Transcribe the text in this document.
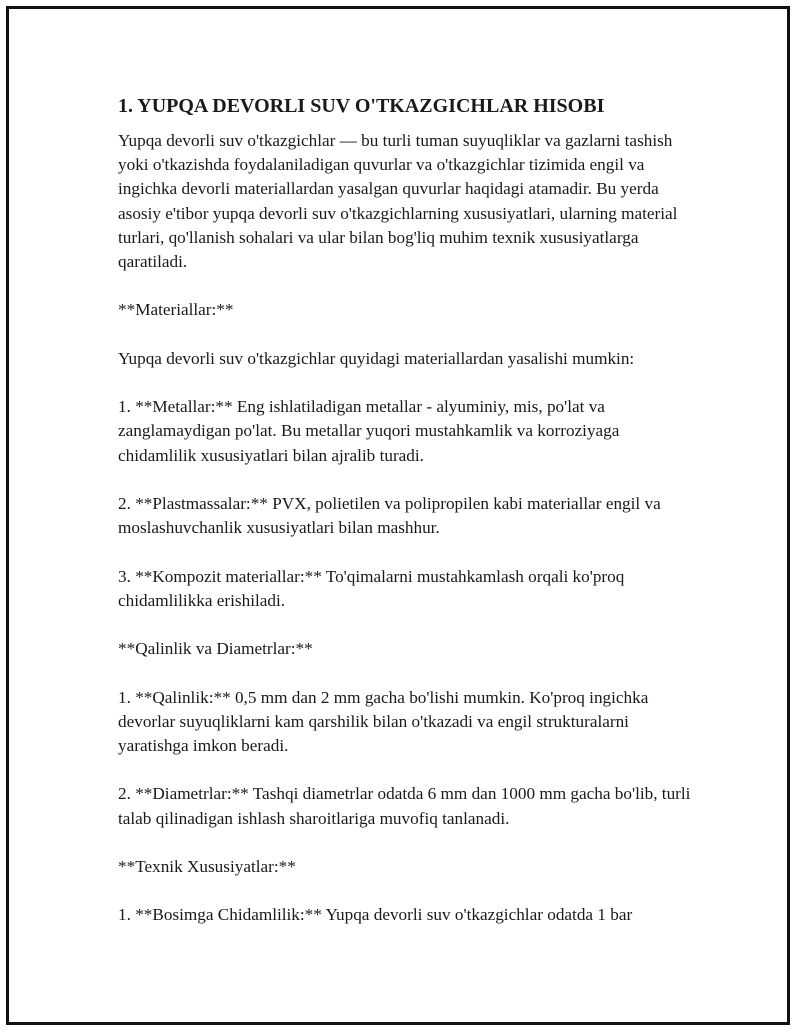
1. YUPQA DEVORLI SUV O'TKAZGICHLAR HISOBI

Yupqa devorli suv o'tkazgichlar — bu turli tuman suyuqliklar va gazlarni tashish yoki o'tkazishda foydalaniladigan quvurlar va o'tkazgichlar tizimida engil va ingichka devorli materiallardan yasalgan quvurlar haqidagi atamadir. Bu yerda asosiy e'tibor yupqa devorli suv o'tkazgichlarning xususiyatlari, ularning material turlari, qo'llanish sohalari va ular bilan bog'liq muhim texnik xususiyatlarga qaratiladi.

**Materiallar:**

Yupqa devorli suv o'tkazgichlar quyidagi materiallardan yasalishi mumkin:

1. **Metallar:** Eng ishlatiladigan metallar - alyuminiy, mis, po'lat va zanglamaydigan po'lat. Bu metallar yuqori mustahkamlik va korroziyaga chidamlilik xususiyatlari bilan ajralib turadi.

2. **Plastmassalar:** PVX, polietilen va polipropilen kabi materiallar engil va moslashuvchanlik xususiyatlari bilan mashhur.

3. **Kompozit materiallar:** To'qimalarni mustahkamlash orqali ko'proq chidamlilikka erishiladi.

**Qalinlik va Diametrlar:**

1. **Qalinlik:** 0,5 mm dan 2 mm gacha bo'lishi mumkin. Ko'proq ingichka devorlar suyuqliklarni kam qarshilik bilan o'tkazadi va engil strukturalarni yaratishga imkon beradi.

2. **Diametrlar:** Tashqi diametrlar odatda 6 mm dan 1000 mm gacha bo'lib, turli talab qilinadigan ishlash sharoitlariga muvofiq tanlanadi.

**Texnik Xususiyatlar:**

1. **Bosimga Chidamlilik:** Yupqa devorli suv o'tkazgichlar odatda 1 bar
